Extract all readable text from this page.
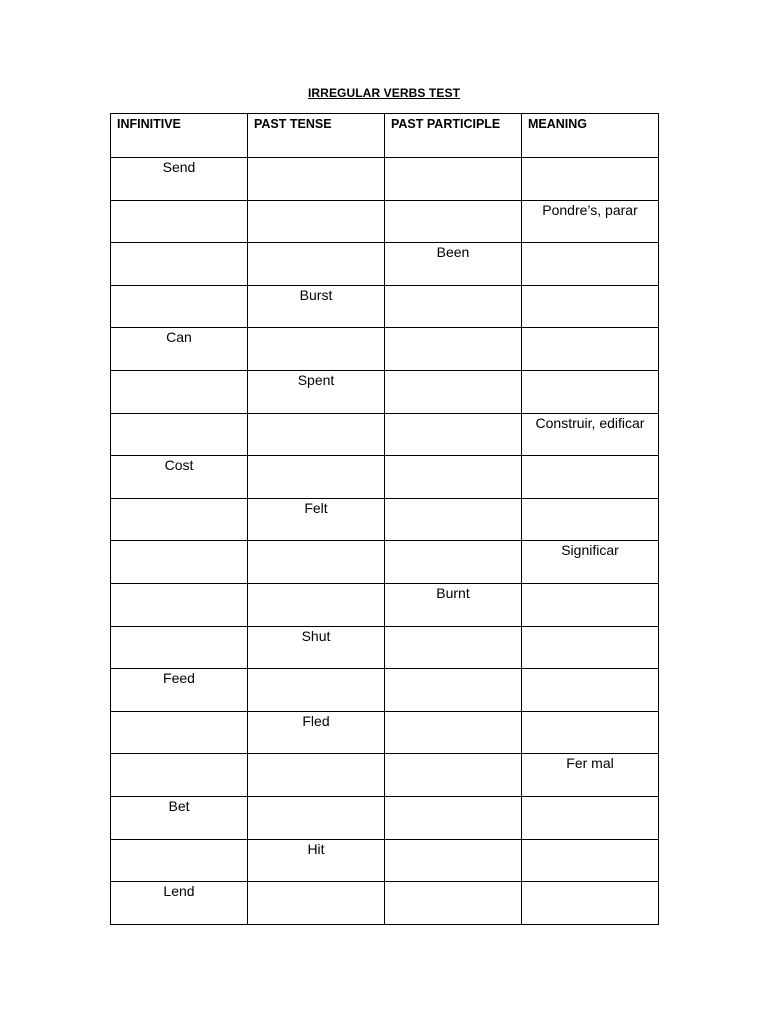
IRREGULAR VERBS TEST
INFINITIVE	PAST TENSE	PAST PARTICIPLE	MEANING
Send			
			Pondre’s, parar
		Been	
	Burst		
Can			
	Spent		
			Construir, edificar
Cost			
	Felt		
			Significar
		Burnt	
	Shut		
Feed			
	Fled		
			Fer mal
Bet			
	Hit		
Lend			
